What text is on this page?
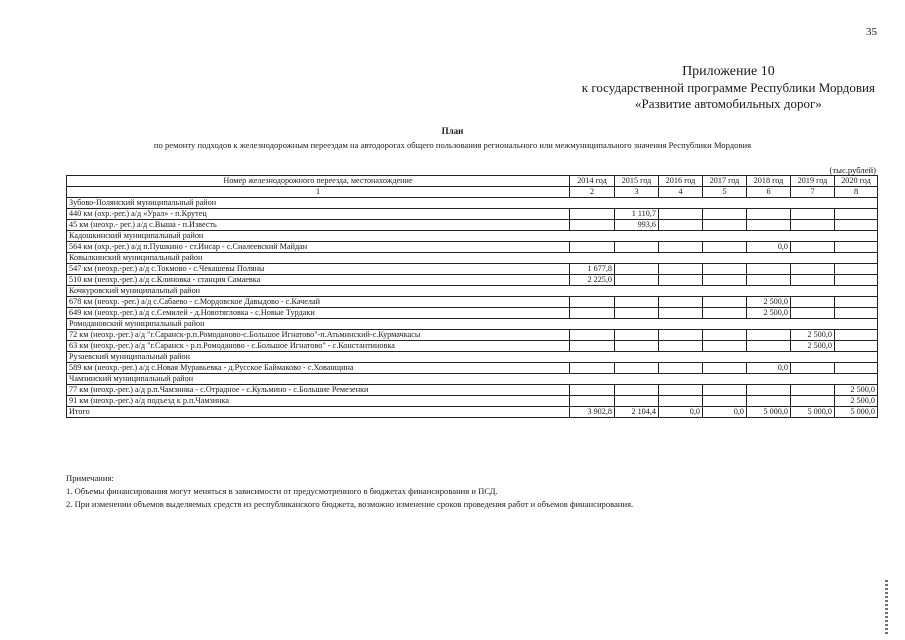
35
Приложение 10
к государственной программе Республики Мордовия
«Развитие автомобильных дорог»
План
по ремонту подходов к железнодорожным переездам на автодорогах общего пользования регионального или межмуниципального значения Республики Мордовия
(тыс.рублей)
Номер железнодорожного переезда, местонахождение	2014 год	2015 год	2016 год	2017 год	2018 год	2019 год	2020 год
1	2	3	4	5	6	7	8
Зубово-Полянский муниципальный район							
440 км (охр.-рег.) а/д «Урал» - п.Крутец		1 110,7					
45 км (неохр.- рег.) а/д с.Выша - п.Известь		993,6					
Кадошкинский муниципальный район							
564 км (охр.-рег.) а/д п.Пушкино - ст.Инсар - с.Сиалеевский Майдан					0,0		
Ковылкинский муниципальный район							
547 км (неохр.-рег.) а/д с.Токмово - с.Чекашевы Поляны	1 677,8						
510 км (неохр.-рег.) а/д с.Клиновка - станция Самаевка	2 225,0						
Кочкуровский муниципальный район							
678 км (неохр. -рег.) а/д с.Сабаево - с.Мордовское Давыдово - с.Качелай					2 500,0		
649 км (неохр.-рег.) а/д с.Семилей - д.Новотягловка - с.Новые Турдаки					2 500,0		
Ромодановский муниципальный район							
72 км (неохр.-рег.) а/д "г.Саранск-р.п.Ромоданово-с.Большое Игнатово"-п.Атьминский-с.Курмачкасы						2 500,0	
63 км (неохр.-рег.) а/д "г.Саранск - р.п.Ромоданово - с.Большое Игнатово" - с.Константиновка						2 500,0	
Рузаевский муниципальный район							
589 км (неохр.-рег.) а/д с.Новая Муравьевка - д.Русское Баймаково - с.Хованщина					0,0		
Чамзинский муниципальный район							
77 км (неохр.-рег.) а/д р.п.Чамзинка - с.Отрадное - с.Кульмино - с.Большие Ремезенки							2 500,0
91 км (неохр.-рег.) а/д подъезд к р.п.Чамзинка							2 500,0
Итого	3 902,8	2 104,4	0,0	0,0	5 000,0	5 000,0	5 000,0
Примечания:
1. Объемы финансирования могут меняться в зависимости от предусмотренного в бюджетах финансирования и ПСД.
2. При изменении объемов выделяемых средств из республиканского бюджета, возможно изменение сроков проведения работ и объемов финансирования.
